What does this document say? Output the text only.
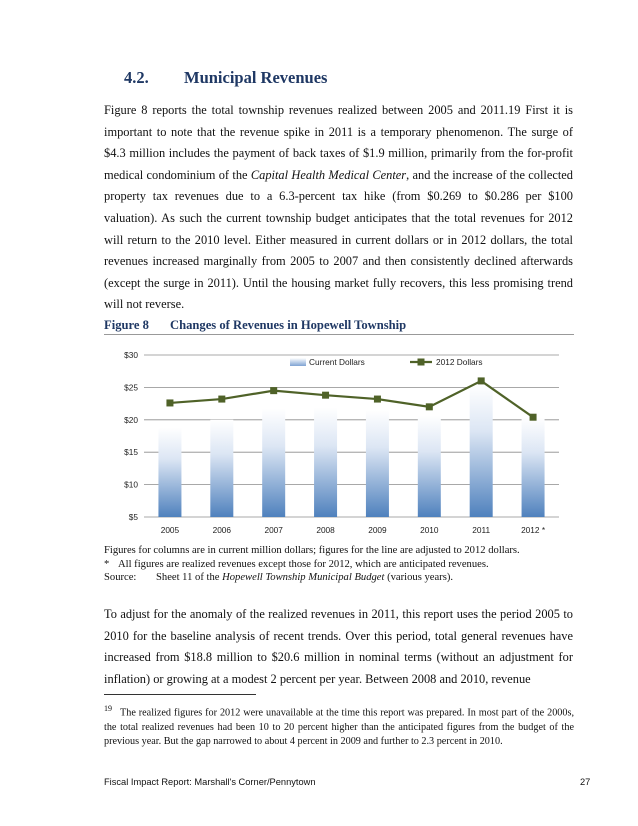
4.2. Municipal Revenues
Figure 8 reports the total township revenues realized between 2005 and 2011.19 First it is important to note that the revenue spike in 2011 is a temporary phenomenon. The surge of $4.3 million includes the payment of back taxes of $1.9 million, primarily from the for-profit medical condominium of the Capital Health Medical Center, and the increase of the collected property tax revenues due to a 6.3-percent tax hike (from $0.269 to $0.286 per $100 valuation). As such the current township budget anticipates that the total revenues for 2012 will return to the 2010 level. Either measured in current dollars or in 2012 dollars, the total revenues increased marginally from 2005 to 2007 and then consistently declined afterwards (except the surge in 2011). Until the housing market fully recovers, this less promising trend will not reverse.
Figure 8 Changes of Revenues in Hopewell Township
$30
$25
$20
$15
$10
$5
2005	2006	2007	2008	2009	2010	2011	2012 *
Current Dollars	2012 Dollars
Figures for columns are in current million dollars; figures for the line are adjusted to 2012 dollars.
* All figures are realized revenues except those for 2012, which are anticipated revenues.
Source: Sheet 11 of the Hopewell Township Municipal Budget (various years).
To adjust for the anomaly of the realized revenues in 2011, this report uses the period 2005 to 2010 for the baseline analysis of recent trends. Over this period, total general revenues have increased from $18.8 million to $20.6 million in nominal terms (without an adjustment for inflation) or growing at a modest 2 percent per year. Between 2008 and 2010, revenue
$^{19}$ The realized figures for 2012 were unavailable at the time this report was prepared. In most part of the 2000s, the total realized revenues had been 10 to 20 percent higher than the anticipated figures from the budget of the previous year. But the gap narrowed to about 4 percent in 2009 and further to 2.3 percent in 2010.
Fiscal Impact Report: Marshall's Corner/Pennytown	27
